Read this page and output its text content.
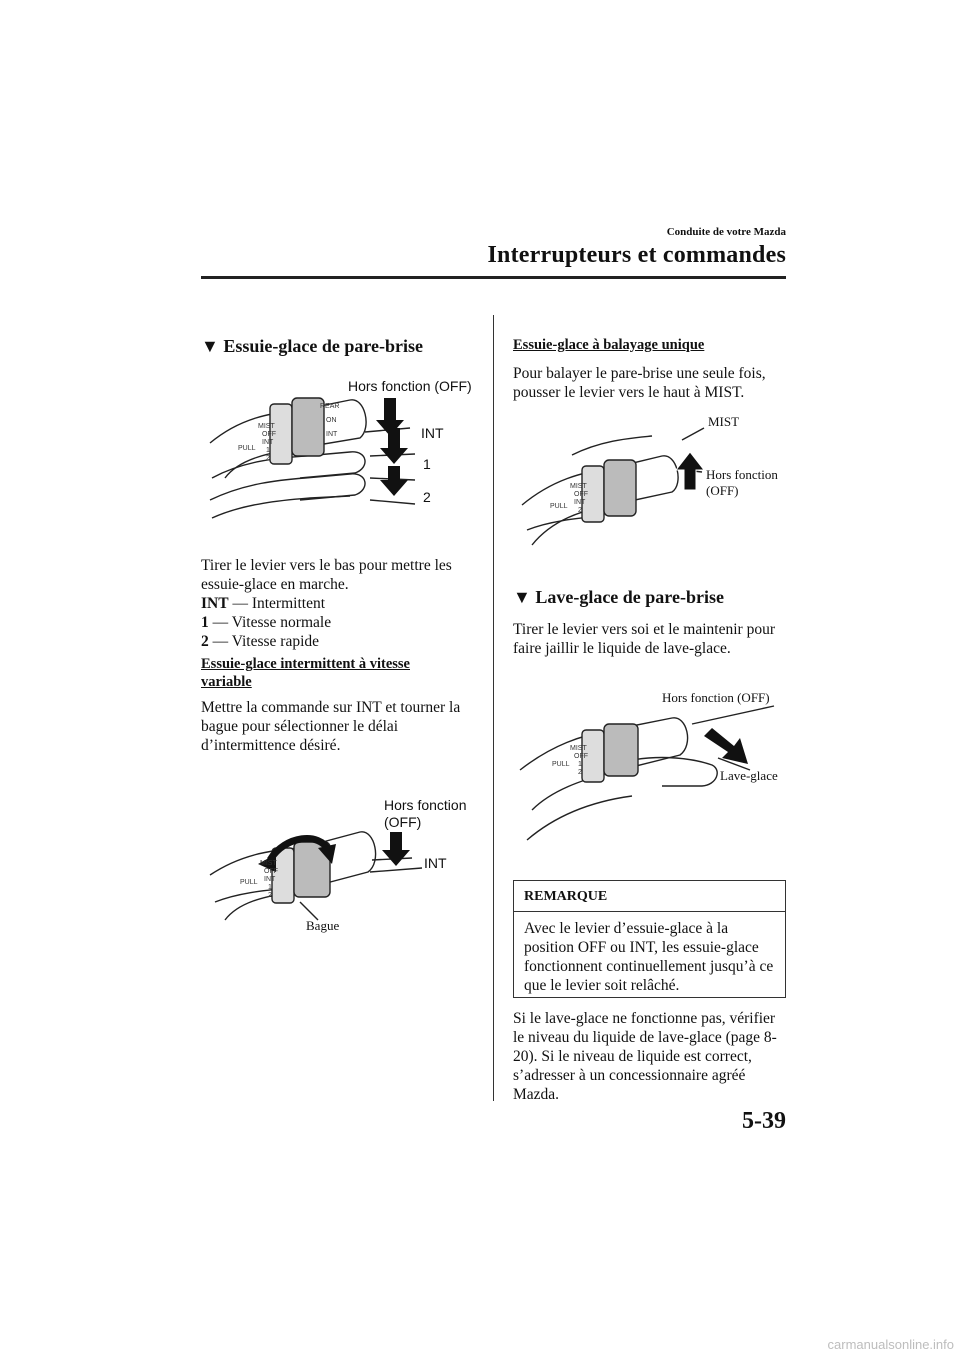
Conduite de votre Mazda
Interrupteurs et commandes
▼ Essuie-glace de pare-brise
MIST
OFF
INT
1
2
PULL
ON
INT
REAR
Hors fonction (OFF)
INT
1
2
Tirer le levier vers le bas pour mettre les essuie-glace en marche.
INT — Intermittent
1 — Vitesse normale
2 — Vitesse rapide
Essuie-glace intermittent à vitesse
variable
Mettre la commande sur INT et tourner la bague pour sélectionner le délai d’intermittence désiré.
MIST
OFF
INT
1
2
PULL
Hors fonction
(OFF)
INT
Bague
Essuie-glace à balayage unique
Pour balayer le pare-brise une seule fois, pousser le levier vers le haut à MIST.
MIST
OFF
INT
2
PULL
MIST
Hors fonction
(OFF)
▼ Lave-glace de pare-brise
Tirer le levier vers soi et le maintenir pour faire jaillir le liquide de lave-glace.
MIST
OFF
1
2
PULL
Hors fonction (OFF)
Lave-glace
REMARQUE
Avec le levier d’essuie-glace à la position OFF ou INT, les essuie-glace fonctionnent continuellement jusqu’à ce que le levier soit relâché.
Si le lave-glace ne fonctionne pas, vérifier le niveau du liquide de lave-glace (page 8-20). Si le niveau de liquide est correct, s’adresser à un concessionnaire agréé Mazda.
5-39
carmanualsonline.info
